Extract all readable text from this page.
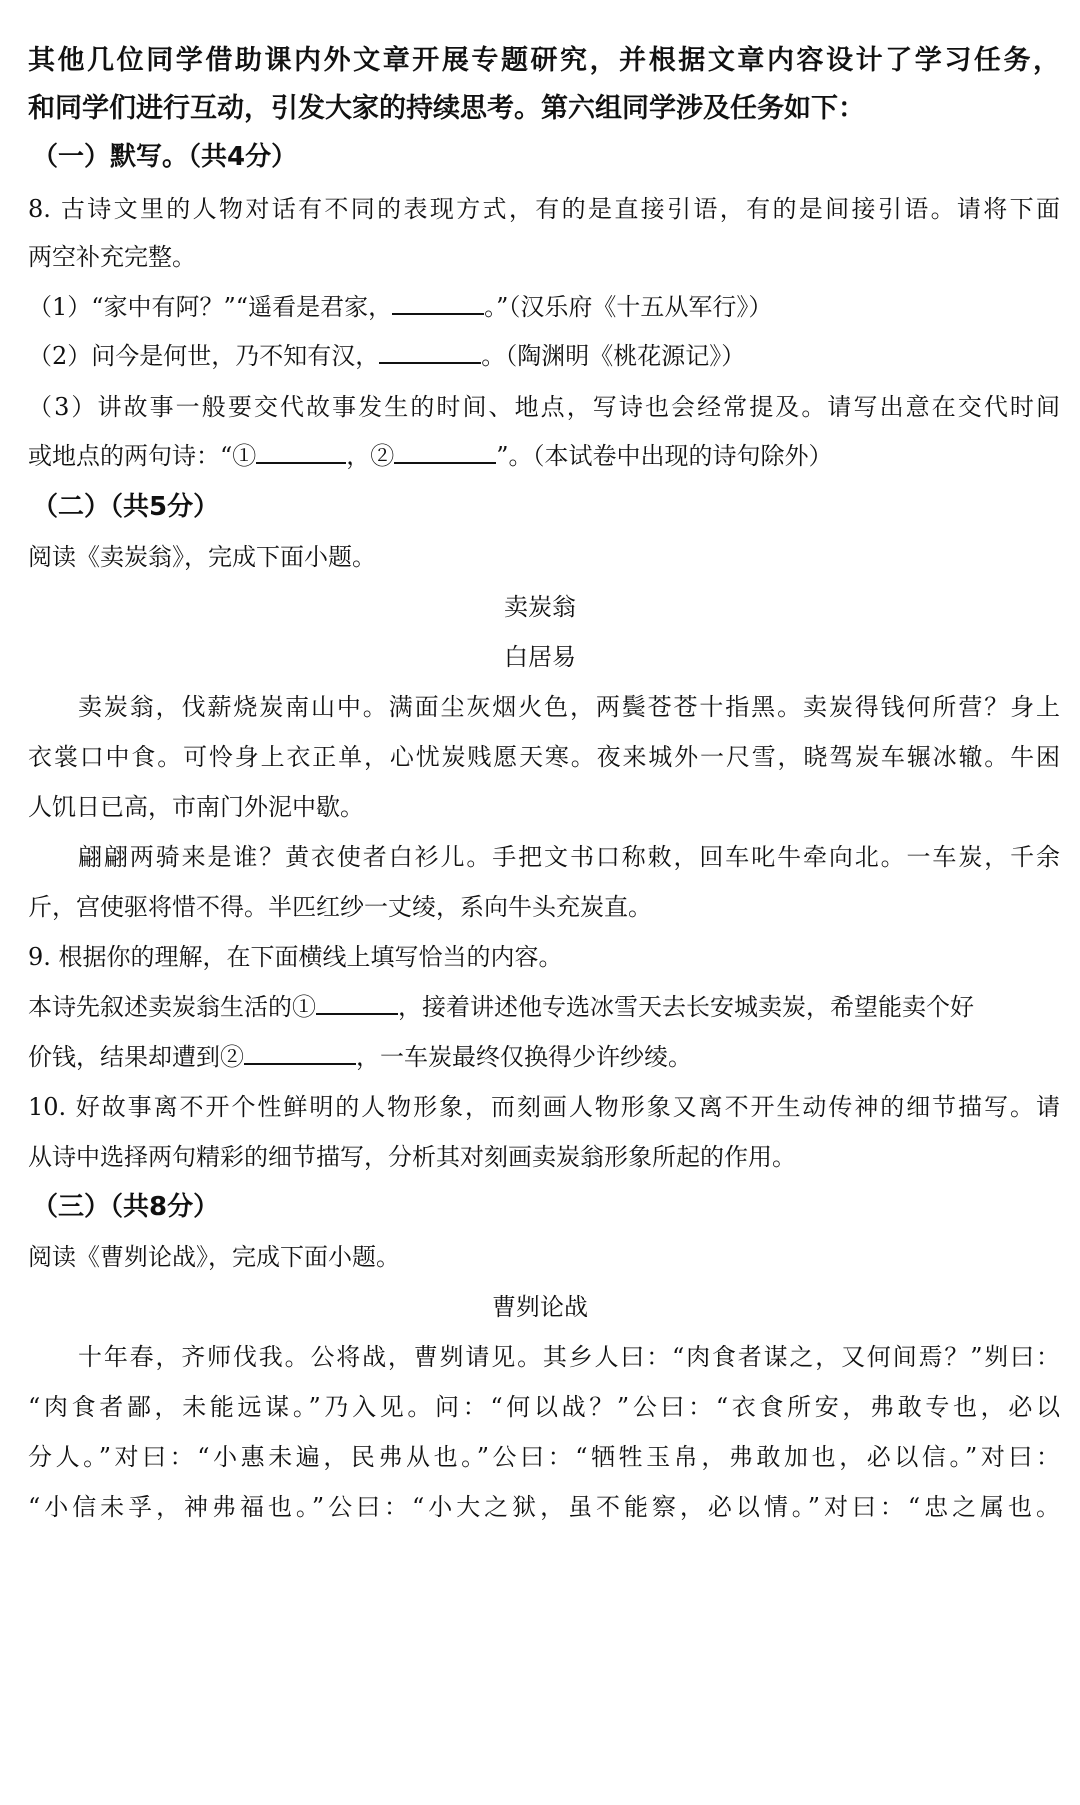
其他几位同学借助课内外文章开展专题研究，并根据文章内容设计了学习任务，
和同学们进行互动，引发大家的持续思考。第六组同学涉及任务如下：
（一）默写。（共4分）
8. 古诗文里的人物对话有不同的表现方式，有的是直接引语，有的是间接引语。请将下面
两空补充完整。
（1）“家中有阿？”“遥看是君家，	。”（汉乐府《十五从军行》）
（2）问今是何世，乃不知有汉，	。（陶渊明《桃花源记》）
（3）讲故事一般要交代故事发生的时间、地点，写诗也会经常提及。请写出意在交代时间
或地点的两句诗：“①	，②	”。（本试卷中出现的诗句除外）
（二）（共5分）
阅读《卖炭翁》，完成下面小题。
卖炭翁
白居易
卖炭翁，伐薪烧炭南山中。满面尘灰烟火色，两鬓苍苍十指黑。卖炭得钱何所营？身上
衣裳口中食。可怜身上衣正单，心忧炭贱愿天寒。夜来城外一尺雪，晓驾炭车辗冰辙。牛困
人饥日已高，市南门外泥中歇。
翩翩两骑来是谁？黄衣使者白衫儿。手把文书口称敕，回车叱牛牵向北。一车炭，千余
斤，宫使驱将惜不得。半匹红纱一丈绫，系向牛头充炭直。
9. 根据你的理解，在下面横线上填写恰当的内容。
本诗先叙述卖炭翁生活的①	，接着讲述他专选冰雪天去长安城卖炭，希望能卖个好
价钱，结果却遭到②	，一车炭最终仅换得少许纱绫。
10. 好故事离不开个性鲜明的人物形象，而刻画人物形象又离不开生动传神的细节描写。请
从诗中选择两句精彩的细节描写，分析其对刻画卖炭翁形象所起的作用。
（三）（共8分）
阅读《曹刿论战》，完成下面小题。
曹刿论战
十年春，齐师伐我。公将战，曹刿请见。其乡人曰：“肉食者谋之，又何间焉？”刿曰：
“肉食者鄙，未能远谋。”乃入见。问：“何以战？”公曰：“衣食所安，弗敢专也，必以
分人。”对曰：“小惠未遍，民弗从也。”公曰：“牺牲玉帛，弗敢加也，必以信。”对曰：
“小信未孚，神弗福也。”公曰：“小大之狱，虽不能察，必以情。”对曰：“忠之属也。
